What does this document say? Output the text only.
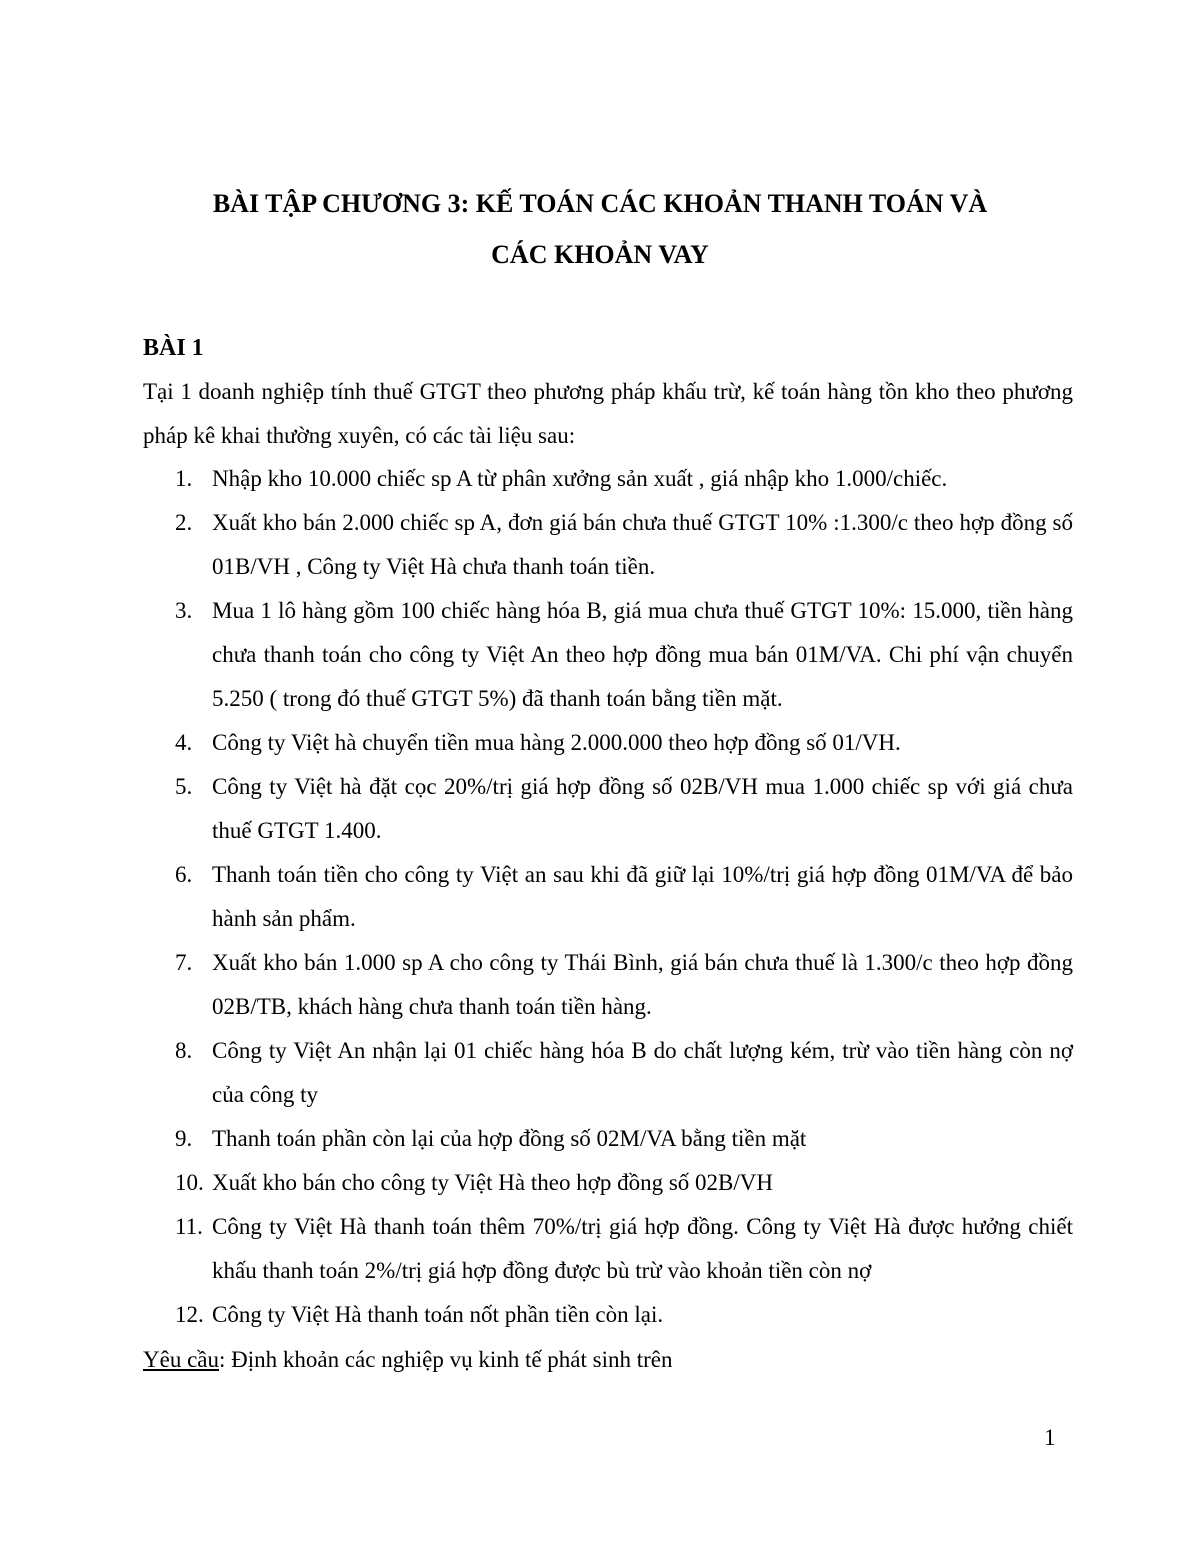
BÀI TẬP CHƯƠNG 3: KẾ TOÁN CÁC KHOẢN THANH TOÁN VÀ
CÁC KHOẢN VAY
BÀI 1
Tại 1 doanh nghiệp tính thuế GTGT theo phương pháp khấu trừ, kế toán hàng tồn kho theo phương pháp kê khai thường xuyên, có các tài liệu sau:
1. Nhập kho 10.000 chiếc sp A từ phân xưởng sản xuất , giá nhập kho 1.000/chiếc.
2. Xuất kho bán 2.000 chiếc sp A, đơn giá bán chưa thuế GTGT 10% :1.300/c theo hợp đồng số 01B/VH , Công ty Việt Hà chưa thanh toán tiền.
3. Mua 1 lô hàng gồm 100 chiếc hàng hóa B, giá mua chưa thuế GTGT 10%: 15.000, tiền hàng chưa thanh toán cho công ty Việt An theo hợp đồng mua bán 01M/VA. Chi phí vận chuyển 5.250 ( trong đó thuế GTGT 5%) đã thanh toán bằng tiền mặt.
4. Công ty Việt hà chuyển tiền mua hàng 2.000.000 theo hợp đồng số 01/VH.
5. Công ty Việt hà đặt cọc 20%/trị giá hợp đồng số 02B/VH mua 1.000 chiếc sp với giá chưa thuế GTGT 1.400.
6. Thanh toán tiền cho công ty Việt an sau khi đã giữ lại 10%/trị giá hợp đồng 01M/VA để bảo hành sản phẩm.
7. Xuất kho bán 1.000 sp A cho công ty Thái Bình, giá bán chưa thuế là 1.300/c theo hợp đồng 02B/TB, khách hàng chưa thanh toán tiền hàng.
8. Công ty Việt An nhận lại 01 chiếc hàng hóa B do chất lượng kém, trừ vào tiền hàng còn nợ của công ty
9. Thanh toán phần còn lại của hợp đồng số 02M/VA bằng tiền mặt
10. Xuất kho bán cho công ty Việt Hà theo hợp đồng số 02B/VH
11. Công ty Việt Hà thanh toán thêm 70%/trị giá hợp đồng. Công ty Việt Hà được hưởng chiết khấu thanh toán 2%/trị giá hợp đồng được bù trừ vào khoản tiền còn nợ
12. Công ty Việt Hà thanh toán nốt phần tiền còn lại.
Yêu cầu: Định khoản các nghiệp vụ kinh tế phát sinh trên
1
